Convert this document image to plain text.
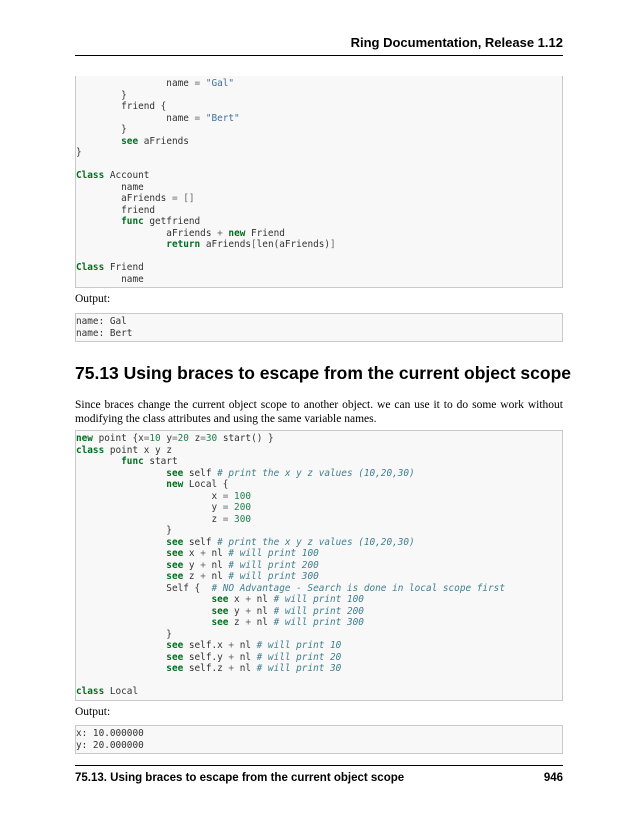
Ring Documentation, Release 1.12
name = "Gal"
}
friend {
name = "Bert"
}
see aFriends
}

Class Account
name
aFriends = []
friend
func getfriend
aFriends + new Friend
return aFriends[len(aFriends)]

Class Friend
name
Output:
name: Gal
name: Bert
75.13 Using braces to escape from the current object scope
Since braces change the current object scope to another object. we can use it to do some work without modifying the class attributes and using the same variable names.
new point {x=10 y=20 z=30 start() }
class point x y z
func start
see self # print the x y z values (10,20,30)
new Local {
x = 100
y = 200
z = 300
}
see self # print the x y z values (10,20,30)
see x + nl # will print 100
see y + nl # will print 200
see z + nl # will print 300
Self {  # NO Advantage - Search is done in local scope first
see x + nl # will print 100
see y + nl # will print 200
see z + nl # will print 300
}
see self.x + nl # will print 10
see self.y + nl # will print 20
see self.z + nl # will print 30

class Local
Output:
x: 10.000000
y: 20.000000
75.13. Using braces to escape from the current object scope	946
